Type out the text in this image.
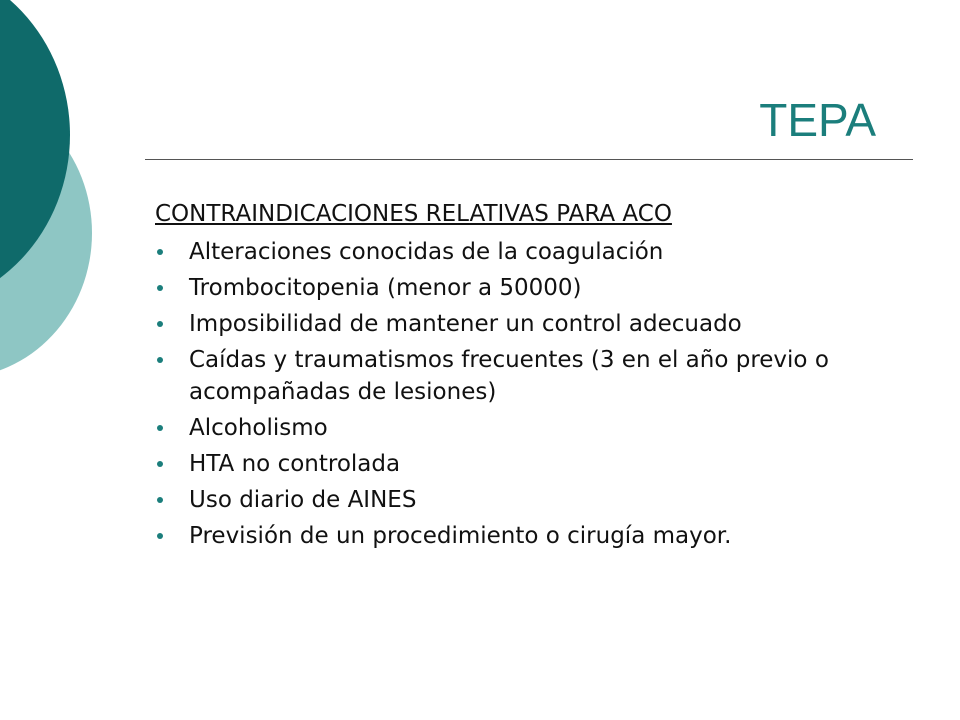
TEPA

CONTRAINDICACIONES RELATIVAS PARA ACO

Alteraciones conocidas de la coagulación
Trombocitopenia (menor a 50000)
Imposibilidad de mantener un control adecuado
Caídas y traumatismos frecuentes (3 en el año previo o acompañadas de lesiones)
Alcoholismo
HTA no controlada
Uso diario de AINES
Previsión de un procedimiento o cirugía mayor.
